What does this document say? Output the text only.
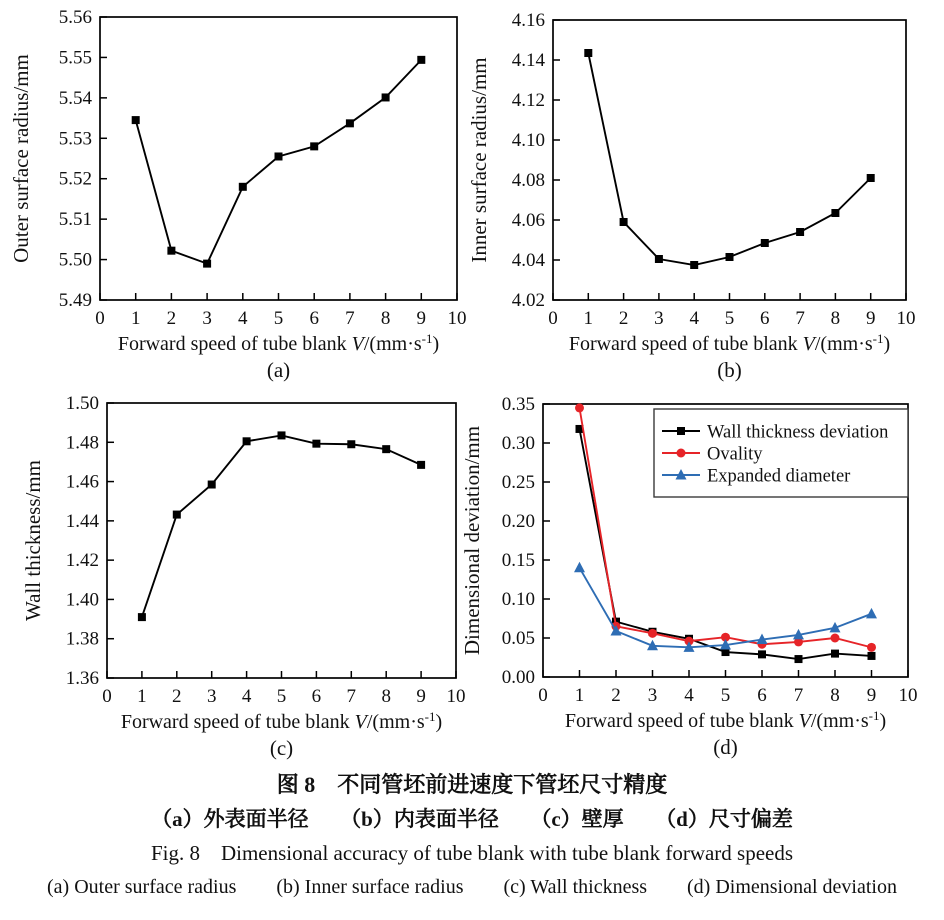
0 1 2 3 4 5 6 7 8 9 10
5.49
5.50
5.51
5.52
5.53
5.54
5.55
5.56
Outer surface radius/mm
Forward speed of tube blank $V/(mm\cdot s^{-1})$
(a)
0 1 2 3 4 5 6 7 8 9 10
4.02
4.04
4.06
4.08
4.10
4.12
4.14
4.16
Inner surface radius/mm
Forward speed of tube blank $V/(mm\cdot s^{-1})$
(b)
0 1 2 3 4 5 6 7 8 9 10
1.36
1.38
1.40
1.42
1.44
1.46
1.48
1.50
Wall thickness/mm
Forward speed of tube blank $V/(mm\cdot s^{-1})$
(c)
0 1 2 3 4 5 6 7 8 9 10
0.00
0.05
0.10
0.15
0.20
0.25
0.30
0.35
Dimensional deviation/mm
Forward speed of tube blank $V/(mm\cdot s^{-1})$
(d)
Wall thickness deviation
Ovality
Expanded diameter
图 8　不同管坯前进速度下管坯尺寸精度
（a）外表面半径　　（b）内表面半径　　（c）壁厚　　（d）尺寸偏差
Fig. 8　Dimensional accuracy of tube blank with tube blank forward speeds
(a) Outer surface radius　　(b) Inner surface radius　　(c) Wall thickness　　(d) Dimensional deviation
